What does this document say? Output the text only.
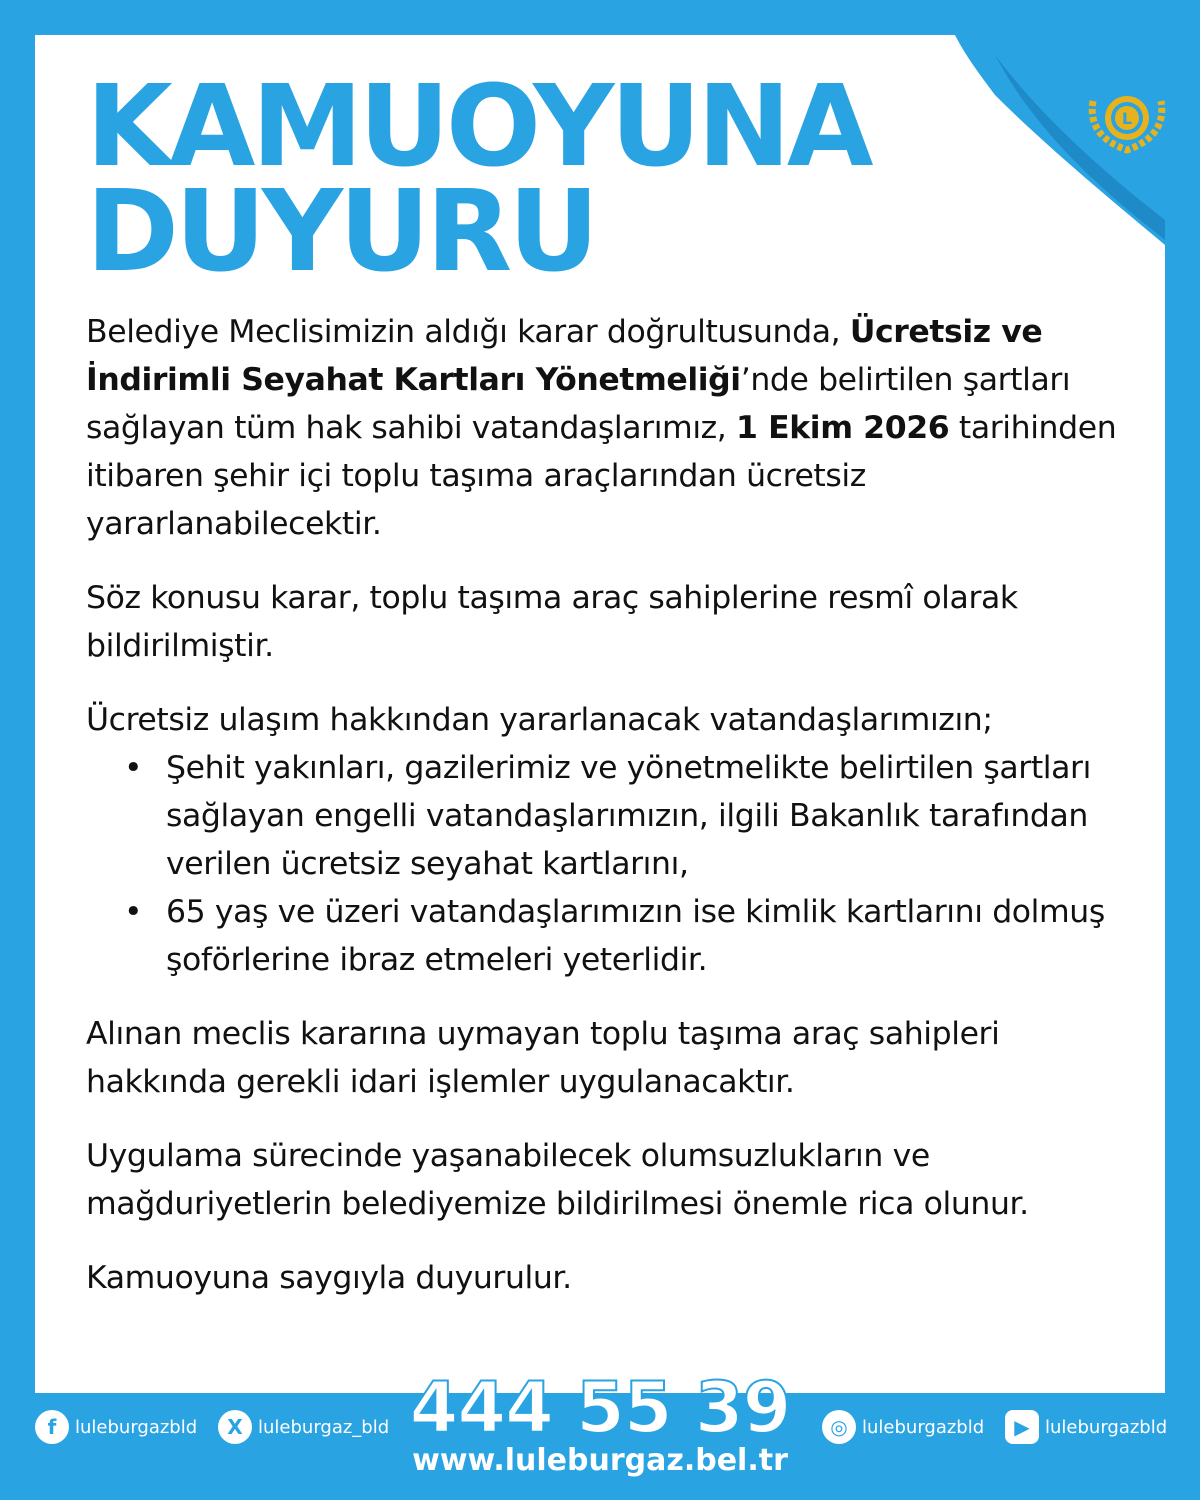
LÜLEBURGAZ
BELEDİYESİ
L
KAMUOYUNA
DUYURU

Belediye Meclisimizin aldığı karar doğrultusunda, Ücretsiz ve İndirimli Seyahat Kartları Yönetmeliği’nde belirtilen şartları sağlayan tüm hak sahibi vatandaşlarımız, 1 Ekim 2026 tarihinden itibaren şehir içi toplu taşıma araçlarından ücretsiz yararlanabilecektir.

Söz konusu karar, toplu taşıma araç sahiplerine resmî olarak bildirilmiştir.

Ücretsiz ulaşım hakkından yararlanacak vatandaşlarımızın;

• Şehit yakınları, gazilerimiz ve yönetmelikte belirtilen şartları sağlayan engelli vatandaşlarımızın, ilgili Bakanlık tarafından verilen ücretsiz seyahat kartlarını,
• 65 yaş ve üzeri vatandaşlarımızın ise kimlik kartlarını dolmuş şoförlerine ibraz etmeleri yeterlidir.

Alınan meclis kararına uymayan toplu taşıma araç sahipleri hakkında gerekli idari işlemler uygulanacaktır.

Uygulama sürecinde yaşanabilecek olumsuzlukların ve mağduriyetlerin belediyemize bildirilmesi önemle rica olunur.

Kamuoyuna saygıyla duyurulur.

f	luleburgazbld	X luleburgaz_bld	◎ luleburgazbld	▶ luleburgazbld
444 55 39
www.luleburgaz.bel.tr
